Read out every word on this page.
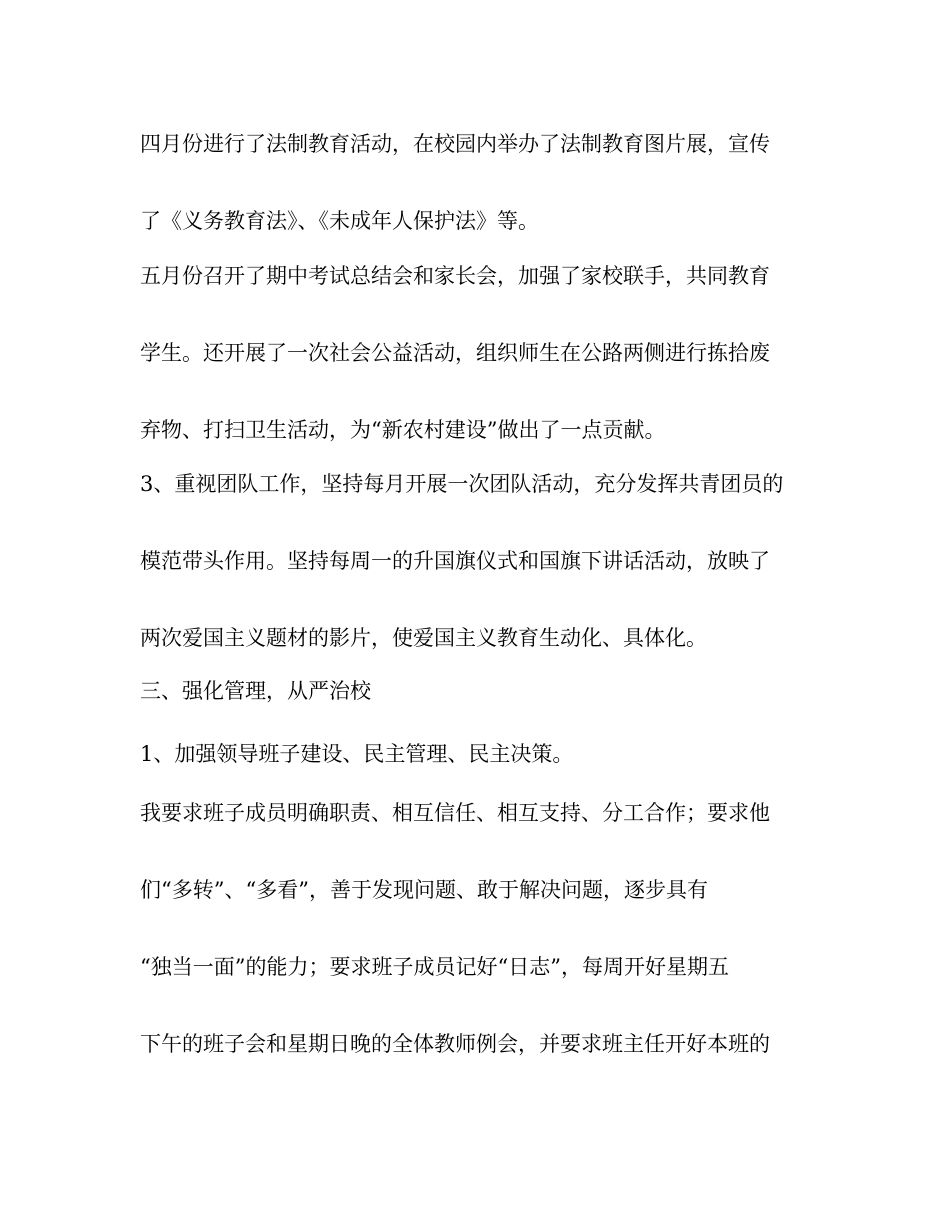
四月份进行了法制教育活动，在校园内举办了法制教育图片展，宣传
了《义务教育法》、《未成年人保护法》等。

五月份召开了期中考试总结会和家长会，加强了家校联手，共同教育
学生。还开展了一次社会公益活动，组织师生在公路两侧进行拣拾废
弃物、打扫卫生活动，为“新农村建设”做出了一点贡献。

3、重视团队工作，坚持每月开展一次团队活动，充分发挥共青团员的
模范带头作用。坚持每周一的升国旗仪式和国旗下讲话活动，放映了
两次爱国主义题材的影片，使爱国主义教育生动化、具体化。

三、强化管理，从严治校

1、加强领导班子建设、民主管理、民主决策。

我要求班子成员明确职责、相互信任、相互支持、分工合作；要求他
们“多转”、“多看”，善于发现问题、敢于解决问题，逐步具有
“独当一面”的能力；要求班子成员记好“日志”，每周开好星期五
下午的班子会和星期日晚的全体教师例会，并要求班主任开好本班的
